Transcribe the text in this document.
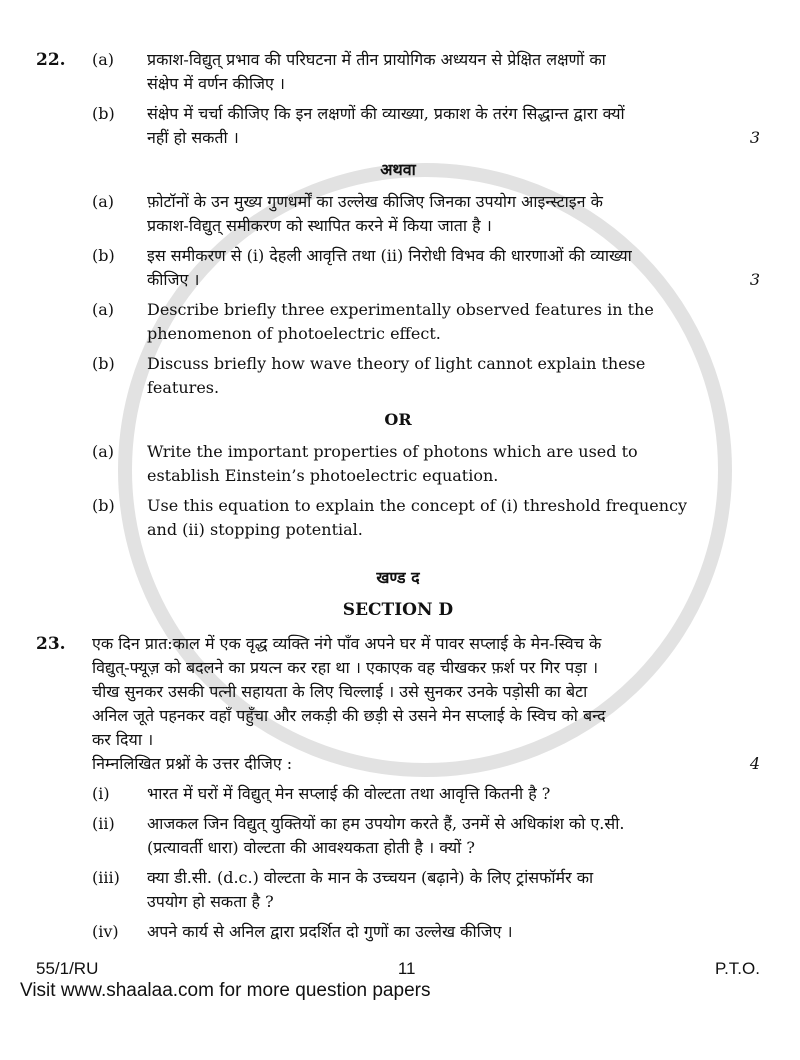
22.	(a)	प्रकाश-विद्युत् प्रभाव की परिघटना में तीन प्रायोगिक अध्ययन से प्रेक्षित लक्षणों का
संक्षेप में वर्णन कीजिए ।
(b)	संक्षेप में चर्चा कीजिए कि इन लक्षणों की व्याख्या, प्रकाश के तरंग सिद्धान्त द्वारा क्यों
नहीं हो सकती ।	3
अथवा
(a)	फ़ोटॉनों के उन मुख्य गुणधर्मों का उल्लेख कीजिए जिनका उपयोग आइन्स्टाइन के
प्रकाश-विद्युत् समीकरण को स्थापित करने में किया जाता है ।
(b)	इस समीकरण से (i) देहली आवृत्ति तथा (ii) निरोधी विभव की धारणाओं की व्याख्या
कीजिए ।	3
(a)	Describe briefly three experimentally observed features in the
phenomenon of photoelectric effect.
(b)	Discuss briefly how wave theory of light cannot explain these
features.
OR
(a)	Write the important properties of photons which are used to
establish Einstein’s photoelectric equation.
(b)	Use this equation to explain the concept of (i) threshold frequency
and (ii) stopping potential.
खण्ड द
SECTION D
23.	एक दिन प्रात:काल में एक वृद्ध व्यक्ति नंगे पाँव अपने घर में पावर सप्लाई के मेन-स्विच के
विद्युत्-फ्यूज़ को बदलने का प्रयत्न कर रहा था । एकाएक वह चीखकर फ़र्श पर गिर पड़ा ।
चीख सुनकर उसकी पत्नी सहायता के लिए चिल्लाई । उसे सुनकर उनके पड़ोसी का बेटा
अनिल जूते पहनकर वहाँ पहुँचा और लकड़ी की छड़ी से उसने मेन सप्लाई के स्विच को बन्द
कर दिया ।
निम्नलिखित प्रश्नों के उत्तर दीजिए :	4
(i)	भारत में घरों में विद्युत् मेन सप्लाई की वोल्टता तथा आवृत्ति कितनी है ?
(ii)	आजकल जिन विद्युत् युक्तियों का हम उपयोग करते हैं, उनमें से अधिकांश को ए.सी.
(प्रत्यावर्ती धारा) वोल्टता की आवश्यकता होती है । क्यों ?
(iii)	क्या डी.सी. (d.c.) वोल्टता के मान के उच्चयन (बढ़ाने) के लिए ट्रांसफॉर्मर का
उपयोग हो सकता है ?
(iv)	अपने कार्य से अनिल द्वारा प्रदर्शित दो गुणों का उल्लेख कीजिए ।
55/1/RU	11	P.T.O.
Visit www.shaalaa.com for more question papers
